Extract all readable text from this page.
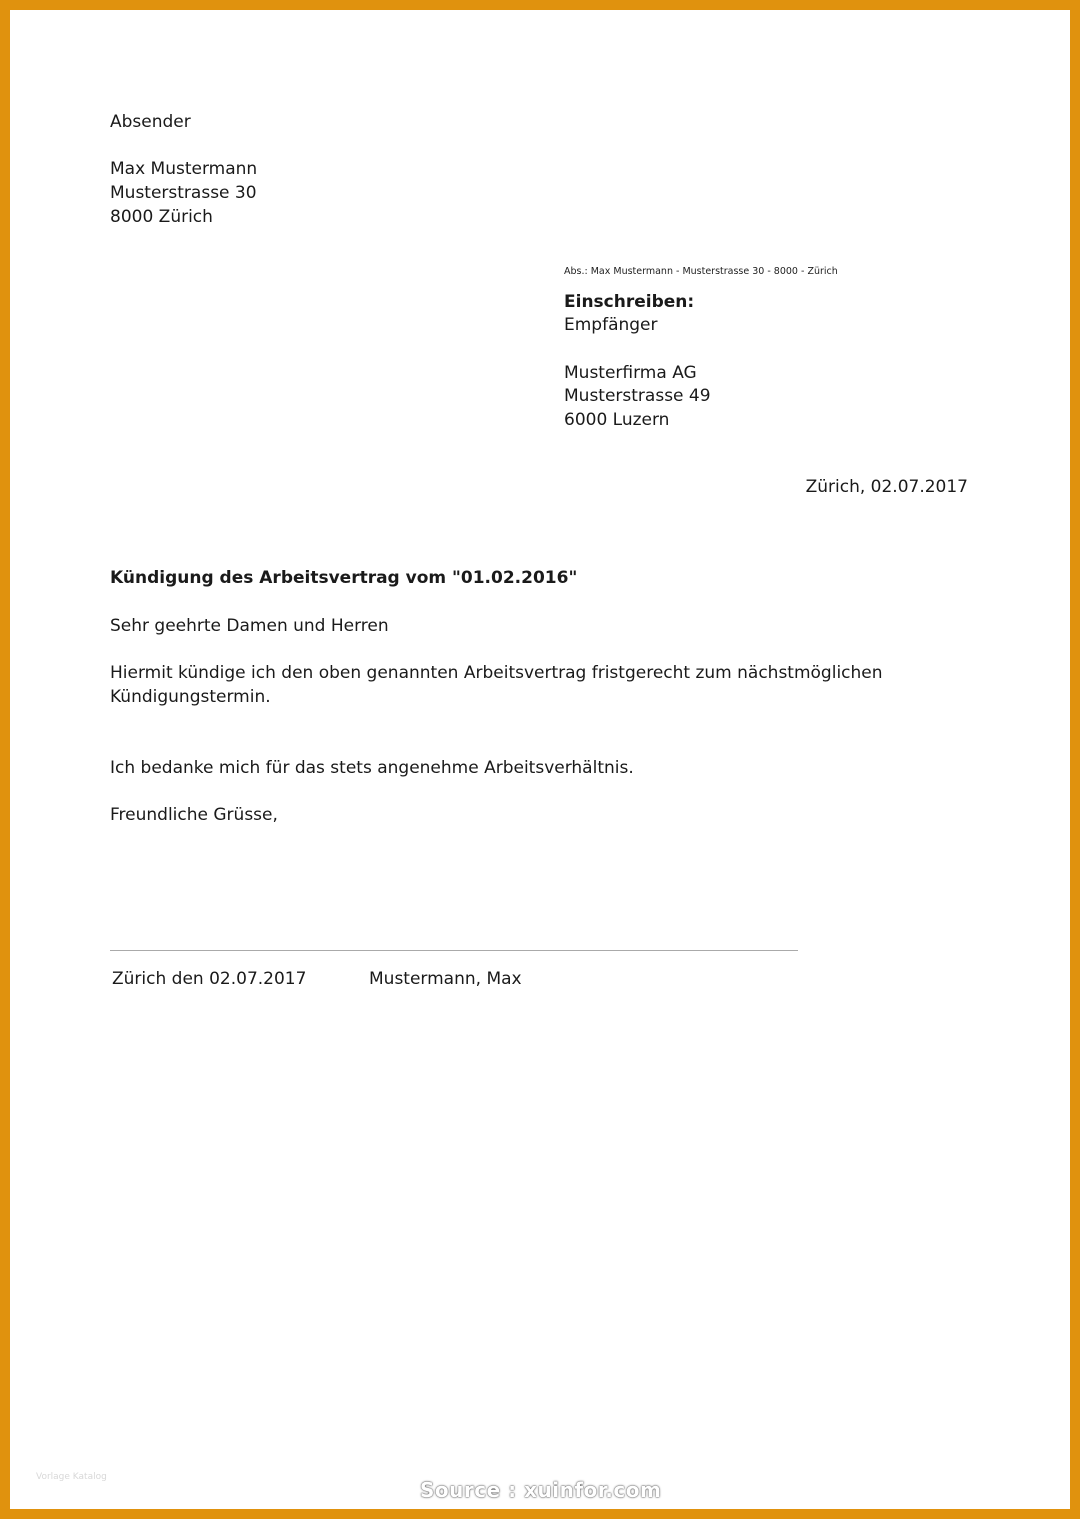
Absender
Max Mustermann
Musterstrasse 30
8000 Zürich
Abs.: Max Mustermann - Musterstrasse 30 - 8000 - Zürich
Einschreiben:
Empfänger
Musterfirma AG
Musterstrasse 49
6000 Luzern
Zürich, 02.07.2017
Kündigung des Arbeitsvertrag vom "01.02.2016"
Sehr geehrte Damen und Herren
Hiermit kündige ich den oben genannten Arbeitsvertrag fristgerecht zum nächstmöglichen
Kündigungstermin.
Ich bedanke mich für das stets angenehme Arbeitsverhältnis.
Freundliche Grüsse,
Zürich den 02.07.2017	Mustermann, Max
Vorlage Katalog
Source : xuinfor.com
